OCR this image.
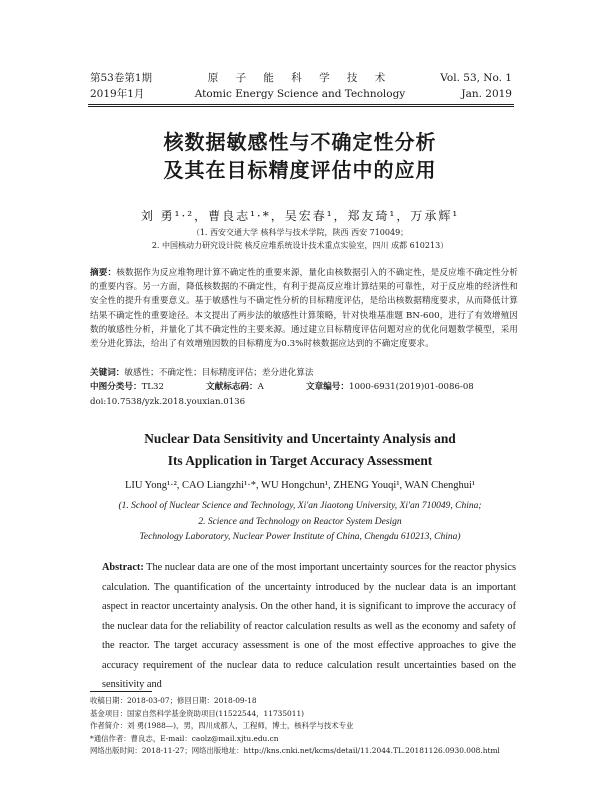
第53卷第1期
2019年1月
原 子 能 科 学 技 术
Atomic Energy Science and Technology
Vol. 53, No. 1
Jan. 2019
核数据敏感性与不确定性分析
及其在目标精度评估中的应用
刘 勇¹·²，曹良志¹·*，吴宏春¹，郑友琦¹，万承辉¹
（1. 西安交通大学 核科学与技术学院，陕西 西安 710049；
2. 中国核动力研究设计院 核反应堆系统设计技术重点实验室，四川 成都 610213）

摘要：核数据作为反应堆物理计算不确定性的重要来源，量化由核数据引入的不确定性，是反应堆不确定性分析的重要内容。另一方面，降低核数据的不确定性，有利于提高反应堆计算结果的可靠性，对于反应堆的经济性和安全性的提升有重要意义。基于敏感性与不确定性分析的目标精度评估，是给出核数据精度要求，从而降低计算结果不确定性的重要途径。本文提出了两步法的敏感性计算策略，针对快堆基准题 BN-600，进行了有效增殖因数的敏感性分析，并量化了其不确定性的主要来源。通过建立目标精度评估问题对应的优化问题数学模型，采用差分进化算法，给出了有效增殖因数的目标精度为0.3%时核数据应达到的不确定度要求。

关键词：敏感性；不确定性；目标精度评估；差分进化算法
中图分类号：TL32	文献标志码：A	文章编号：1000-6931(2019)01-0086-08
doi:10.7538/yzk.2018.youxian.0136
Nuclear Data Sensitivity and Uncertainty Analysis and
Its Application in Target Accuracy Assessment
LIU Yong¹·², CAO Liangzhi¹·*, WU Hongchun¹, ZHENG Youqi¹, WAN Chenghui¹
(1. School of Nuclear Science and Technology, Xi'an Jiaotong University, Xi'an 710049, China;
2. Science and Technology on Reactor System Design
Technology Laboratory, Nuclear Power Institute of China, Chengdu 610213, China)

Abstract: The nuclear data are one of the most important uncertainty sources for the reactor physics calculation. The quantification of the uncertainty introduced by the nuclear data is an important aspect in reactor uncertainty analysis. On the other hand, it is significant to improve the accuracy of the nuclear data for the reliability of reactor calculation results as well as the economy and safety of the reactor. The target accuracy assessment is one of the most effective approaches to give the accuracy requirement of the nuclear data to reduce calculation result uncertainties based on the sensitivity and

收稿日期：2018-03-07；修回日期：2018-09-18
基金项目：国家自然科学基金资助项目(11522544，11735011)
作者简介：刘 勇(1988—)，男，四川成都人，工程师，博士，核科学与技术专业
*通信作者：曹良志，E-mail：caolz@mail.xjtu.edu.cn
网络出版时间：2018-11-27；网络出版地址：http://kns.cnki.net/kcms/detail/11.2044.TL.20181126.0930.008.html
